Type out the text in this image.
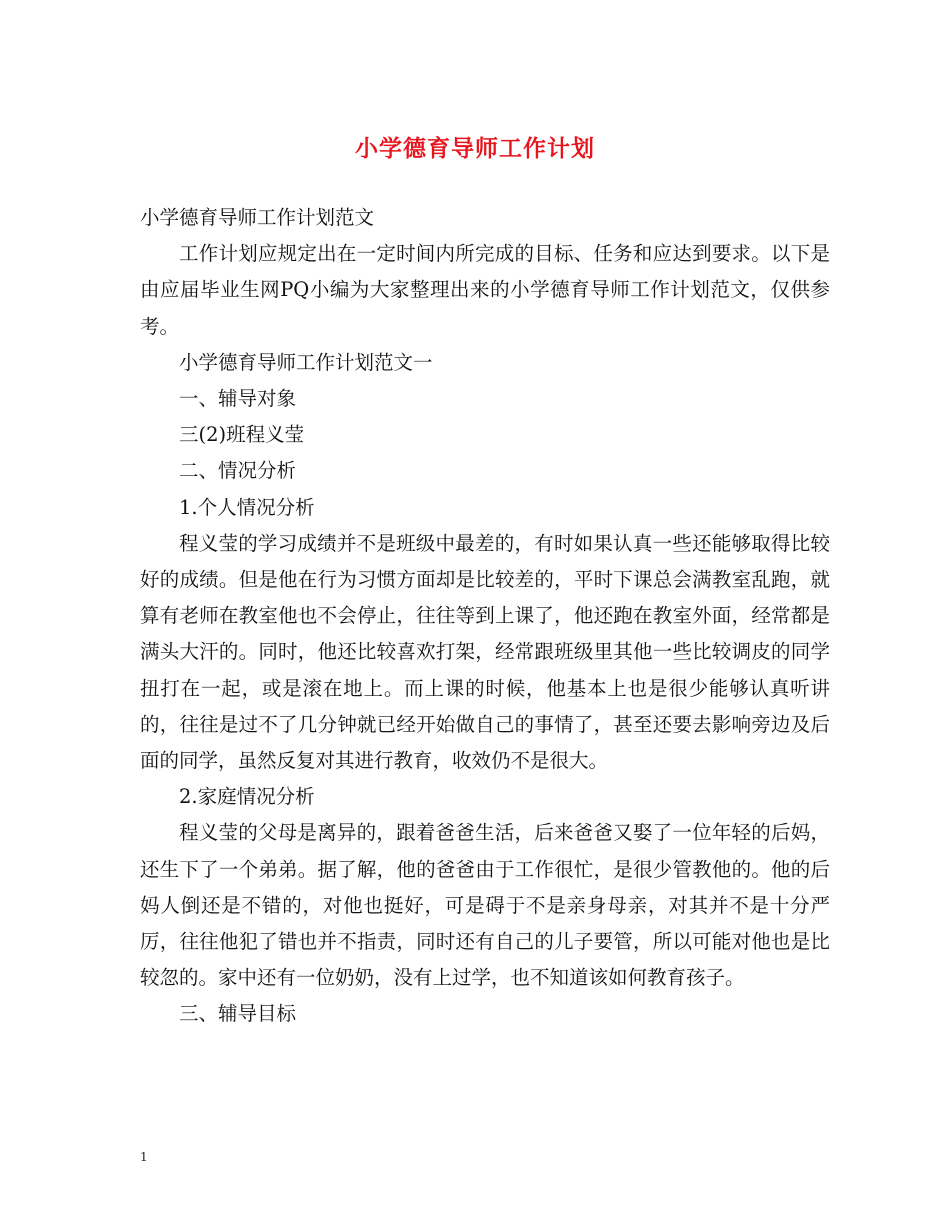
小学德育导师工作计划

小学德育导师工作计划范文

工作计划应规定出在一定时间内所完成的目标、任务和应达到要求。以下是由应届毕业生网PQ小编为大家整理出来的小学德育导师工作计划范文，仅供参考。

小学德育导师工作计划范文一

一、辅导对象

三(2)班程义莹

二、情况分析

1.个人情况分析

程义莹的学习成绩并不是班级中最差的，有时如果认真一些还能够取得比较好的成绩。但是他在行为习惯方面却是比较差的，平时下课总会满教室乱跑，就算有老师在教室他也不会停止，往往等到上课了，他还跑在教室外面，经常都是满头大汗的。同时，他还比较喜欢打架，经常跟班级里其他一些比较调皮的同学扭打在一起，或是滚在地上。而上课的时候，他基本上也是很少能够认真听讲的，往往是过不了几分钟就已经开始做自己的事情了，甚至还要去影响旁边及后面的同学，虽然反复对其进行教育，收效仍不是很大。

2.家庭情况分析

程义莹的父母是离异的，跟着爸爸生活，后来爸爸又娶了一位年轻的后妈，还生下了一个弟弟。据了解，他的爸爸由于工作很忙，是很少管教他的。他的后妈人倒还是不错的，对他也挺好，可是碍于不是亲身母亲，对其并不是十分严厉，往往他犯了错也并不指责，同时还有自己的儿子要管，所以可能对他也是比较忽的。家中还有一位奶奶，没有上过学，也不知道该如何教育孩子。

三、辅导目标

1
